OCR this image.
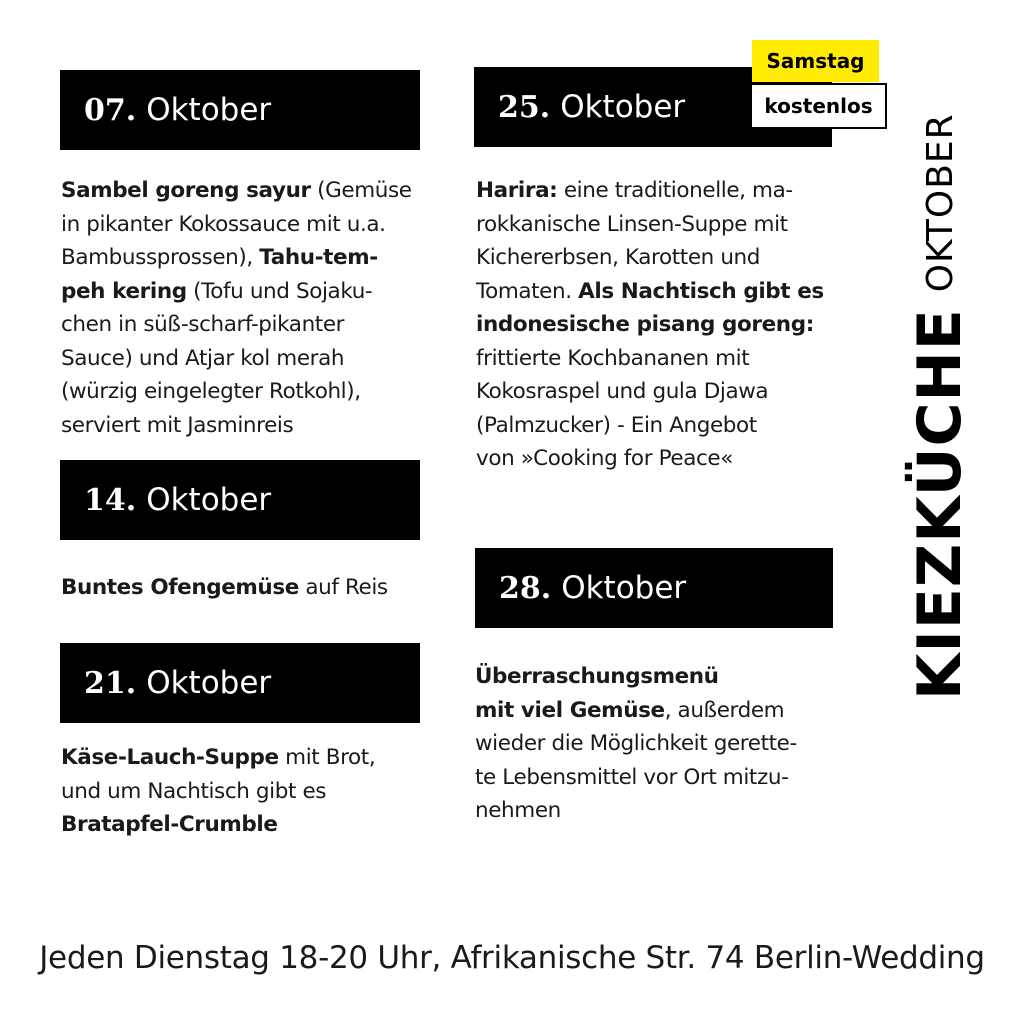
07. Oktober
Sambel goreng sayur (Gemüse
in pikanter Kokossauce mit u.a.
Bambussprossen), Tahu-tem-
peh kering (Tofu und Sojaku-
chen in süß-scharf-pikanter
Sauce) und Atjar kol merah
(würzig eingelegter Rotkohl),
serviert mit Jasminreis
14. Oktober
Buntes Ofengemüse auf Reis
21. Oktober
Käse-Lauch-Suppe mit Brot,
und um Nachtisch gibt es
Bratapfel-Crumble
25. Oktober
Samstag
kostenlos
Harira: eine traditionelle, ma-
rokkanische Linsen-Suppe mit
Kichererbsen, Karotten und
Tomaten. Als Nachtisch gibt es
indonesische pisang goreng:
frittierte Kochbananen mit
Kokosraspel und gula Djawa
(Palmzucker) - Ein Angebot
von »Cooking for Peace«
28. Oktober
Überraschungsmenü
mit viel Gemüse, außerdem
wieder die Möglichkeit gerette-
te Lebensmittel vor Ort mitzu-
nehmen
KIEZKÜCHE
OKTOBER
Jeden Dienstag 18-20 Uhr, Afrikanische Str. 74 Berlin-Wedding
